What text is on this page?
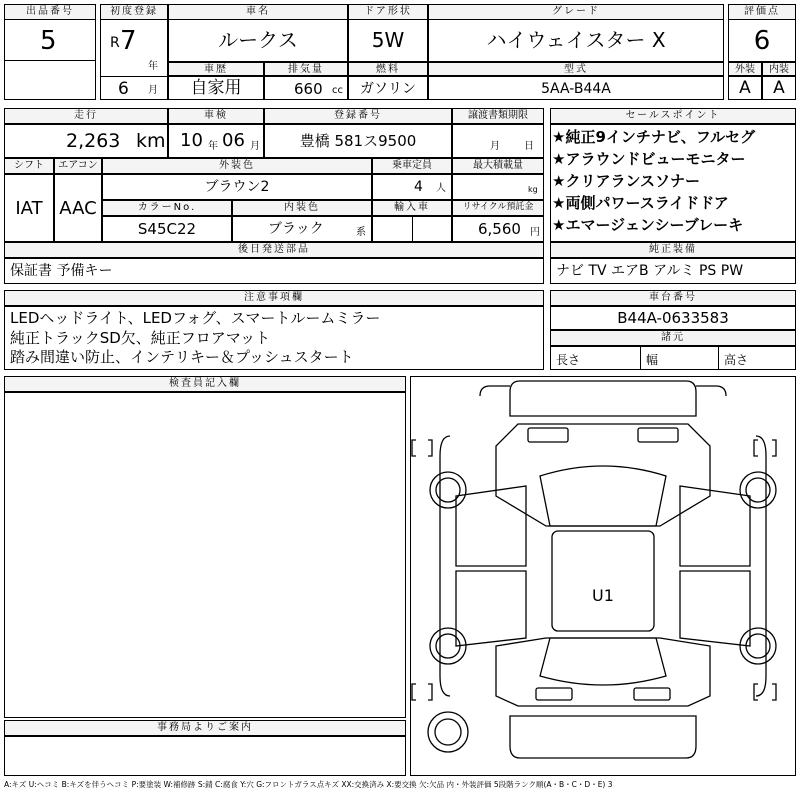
出品番号
5
初度登録
R 7
年
6 月
車名
ルークス
ドア形状
5W
グレード
ハイウェイスター X
評価点
6
車歴
自家用
排気量
660 cc
燃料
ガソリン
型式
5AA-B44A
外装	内装
A	A
走行
2,263 km
車検
10 年 06 月
登録番号
豊橋 581ス9500
譲渡書類期限
月 日
シフト
IAT
エアコン
AAC
外装色
ブラウン2
乗車定員
4 人
最大積載量
kg
カラーNo.
S45C22
内装色
ブラック	系
輸入車	リサイクル預託金
6,560 円
後日発送部品
保証書 予備キー
セールスポイント
★純正9インチナビ、フルセグ
★アラウンドビューモニター
★クリアランスソナー
★両側パワースライドドア
★エマージェンシーブレーキ
純正装備
ナビ TV エアB アルミ PS PW
注意事項欄
LEDヘッドライト、LEDフォグ、スマートルームミラー
純正トラックSD欠、純正フロアマット
踏み間違い防止、インテリキー＆プッシュスタート
車台番号
B44A-0633583
諸元
長さ	幅	高さ
検査員記入欄
事務局よりご案内
U1
A:キズ U:ヘコミ B:キズを伴うヘコミ P:要塗装 W:補修跡 S:錆 C:腐食 Y:穴 G:フロントガラス点キズ XX:交換済み X:要交換 欠:欠品 内・外装評価 5段階ランク順(A・B・C・D・E) 3
